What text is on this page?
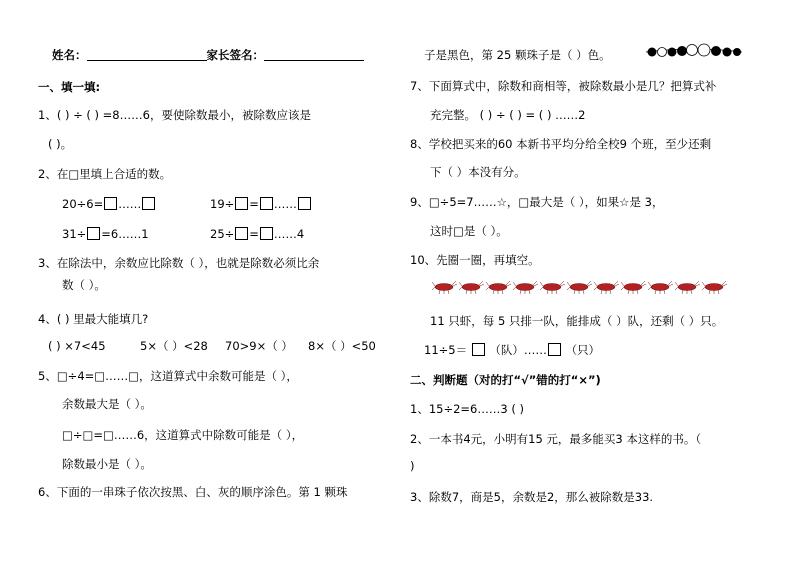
姓名：	家长签名：
一、填一填:
1、( ) ÷ ( ) =8……6，要使除数最小，被除数应该是
( )。
2、在□里填上合适的数。
20÷6= ……	19÷ = ……
31÷ =6……1	25÷ = ……4
3、在除法中，余数应比除数（ ），也就是除数必须比余
数（ ）。
4、( ) 里最大能填几?
( ) ×7<45	5×（ ）<28 70>9×（ ） 8×（ ）<50
5、□÷4=□……□，这道算式中余数可能是（ ），
余数最大是（ ）。
□÷□=□……6，这道算式中除数可能是（ ），
除数最小是（ ）。
6、下面的一串珠子依次按黑、白、灰的顺序涂色。第 1 颗珠
子是黑色，第 25 颗珠子是（ ）色。
7、下面算式中，除数和商相等，被除数最小是几？把算式补
充完整。 ( ) ÷ ( ) = ( ) ……2
8、学校把买来的60 本新书平均分给全校9 个班，至少还剩
下（ ）本没有分。
9、□÷5=7……☆，□最大是（ ），如果☆是 3，
这时□是（ ）。
10、先圈一圈，再填空。
11 只虾，每 5 只排一队，能排成（ ）队，还剩（ ）只。
11÷5＝ （队）…… （只）
二、判断题（对的打“√”错的打“×”)
1、15÷2=6……3 ( )
2、一本书4元，小明有15 元，最多能买3 本这样的书。（
)
3、除数7，商是5，余数是2，那么被除数是33.
